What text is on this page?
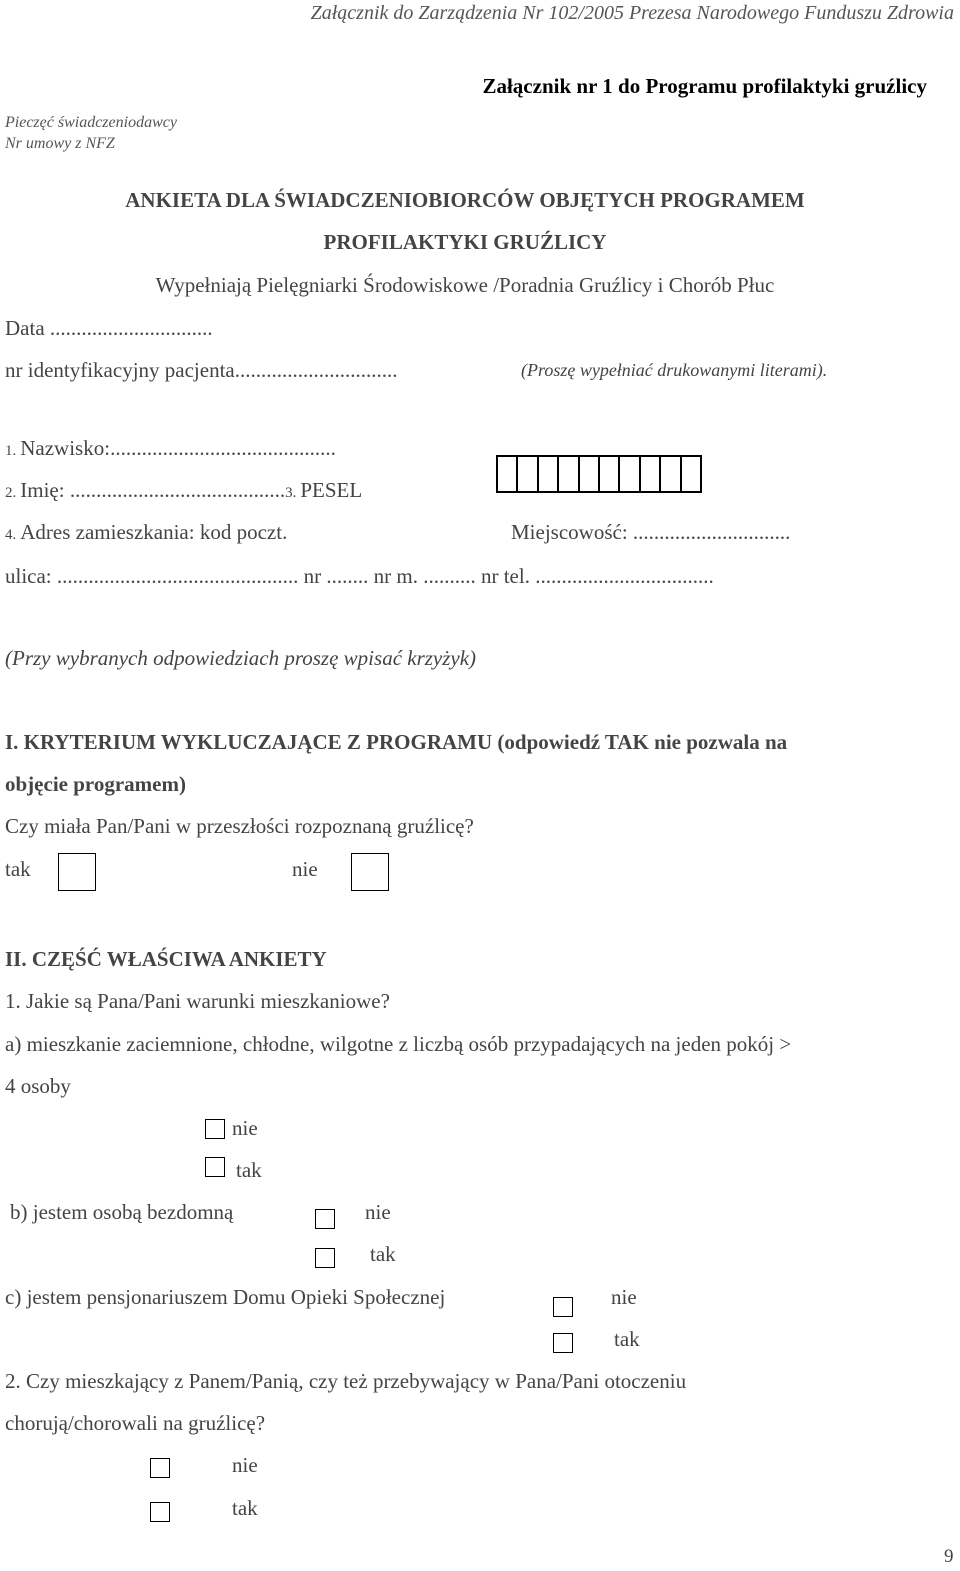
Załącznik do Zarządzenia Nr 102/2005 Prezesa Narodowego Funduszu Zdrowia
Załącznik nr 1 do Programu profilaktyki gruźlicy
Pieczęć świadczeniodawcy
Nr umowy z NFZ
ANKIETA DLA ŚWIADCZENIOBIORCÓW OBJĘTYCH PROGRAMEM
PROFILAKTYKI GRUŹLICY
Wypełniają Pielęgniarki Środowiskowe /Poradnia Gruźlicy i Chorób Płuc
Data ...............................
nr identyfikacyjny pacjenta...............................	(Proszę wypełniać drukowanymi literami).
1. Nazwisko:...........................................
2. Imię: .........................................3. PESEL
4. Adres zamieszkania: kod poczt.	Miejscowość: ..............................
ulica: .............................................. nr ........ nr m. .......... nr tel. ..................................
(Przy wybranych odpowiedziach proszę wpisać krzyżyk)
I. KRYTERIUM WYKLUCZAJĄCE Z PROGRAMU (odpowiedź TAK nie pozwala na
objęcie programem)
Czy miała Pan/Pani w przeszłości rozpoznaną gruźlicę?
tak	nie
II. CZĘŚĆ WŁAŚCIWA ANKIETY
1. Jakie są Pana/Pani warunki mieszkaniowe?
a) mieszkanie zaciemnione, chłodne, wilgotne z liczbą osób przypadających na jeden pokój >
4 osoby
nie
tak
b) jestem osobą bezdomną	nie
tak
c) jestem pensjonariuszem Domu Opieki Społecznej	nie
tak
2. Czy mieszkający z Panem/Panią, czy też przebywający w Pana/Pani otoczeniu
chorują/chorowali na gruźlicę?
nie
tak
9
